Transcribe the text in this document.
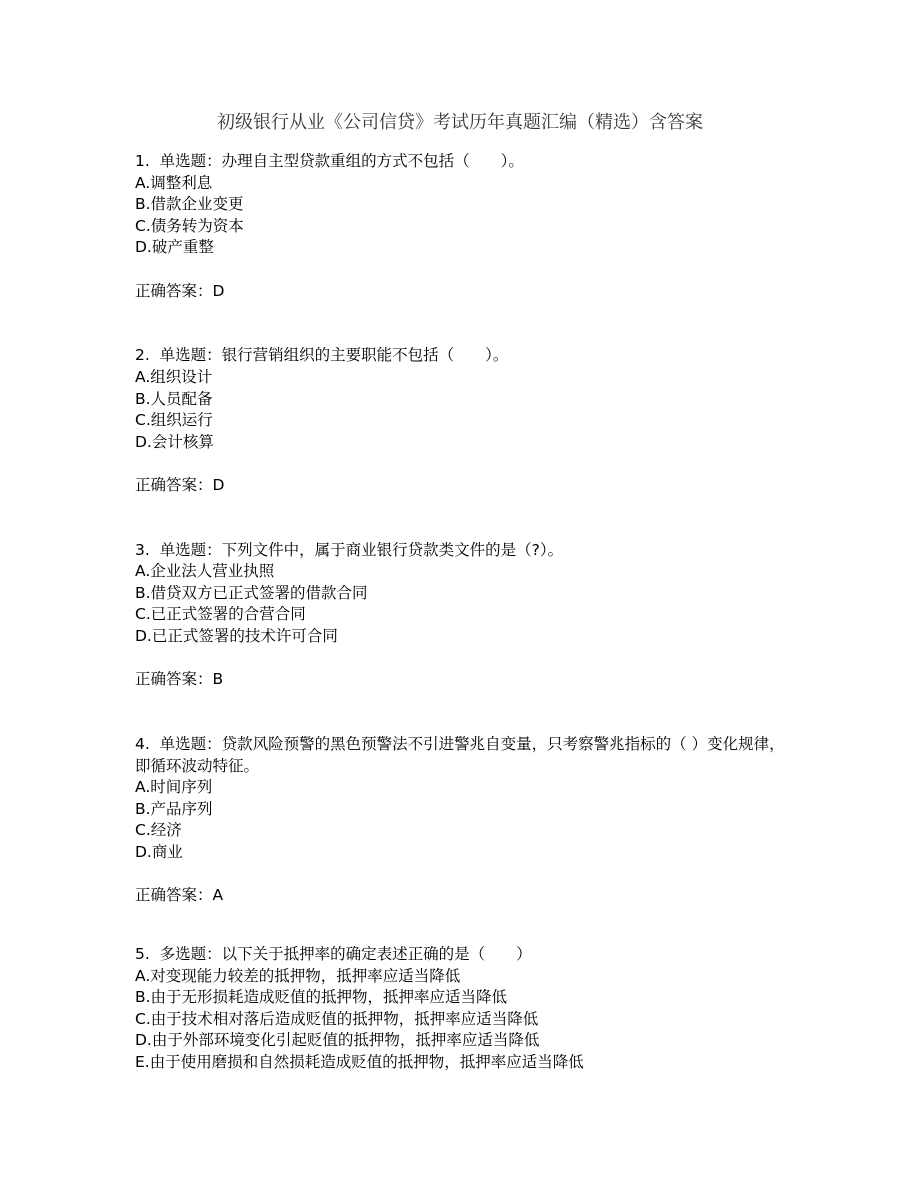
初级银行从业《公司信贷》考试历年真题汇编（精选）含答案
1.  单选题：办理自主型贷款重组的方式不包括（　　）。
A.调整利息
B.借款企业变更
C.债务转为资本
D.破产重整
正确答案：D
2.  单选题：银行营销组织的主要职能不包括（　　）。
A.组织设计
B.人员配备
C.组织运行
D.会计核算
正确答案：D
3.  单选题：下列文件中，属于商业银行贷款类文件的是（?）。
A.企业法人营业执照
B.借贷双方已正式签署的借款合同
C.已正式签署的合营合同
D.已正式签署的技术许可合同
正确答案：B
4.  单选题：贷款风险预警的黑色预警法不引进警兆自变量，只考察警兆指标的（ ）变化规律，即循环波动特征。
A.时间序列
B.产品序列
C.经济
D.商业
正确答案：A
5.  多选题：以下关于抵押率的确定表述正确的是（　　）
A.对变现能力较差的抵押物，抵押率应适当降低
B.由于无形损耗造成贬值的抵押物，抵押率应适当降低
C.由于技术相对落后造成贬值的抵押物，抵押率应适当降低
D.由于外部环境变化引起贬值的抵押物，抵押率应适当降低
E.由于使用磨损和自然损耗造成贬值的抵押物，抵押率应适当降低
